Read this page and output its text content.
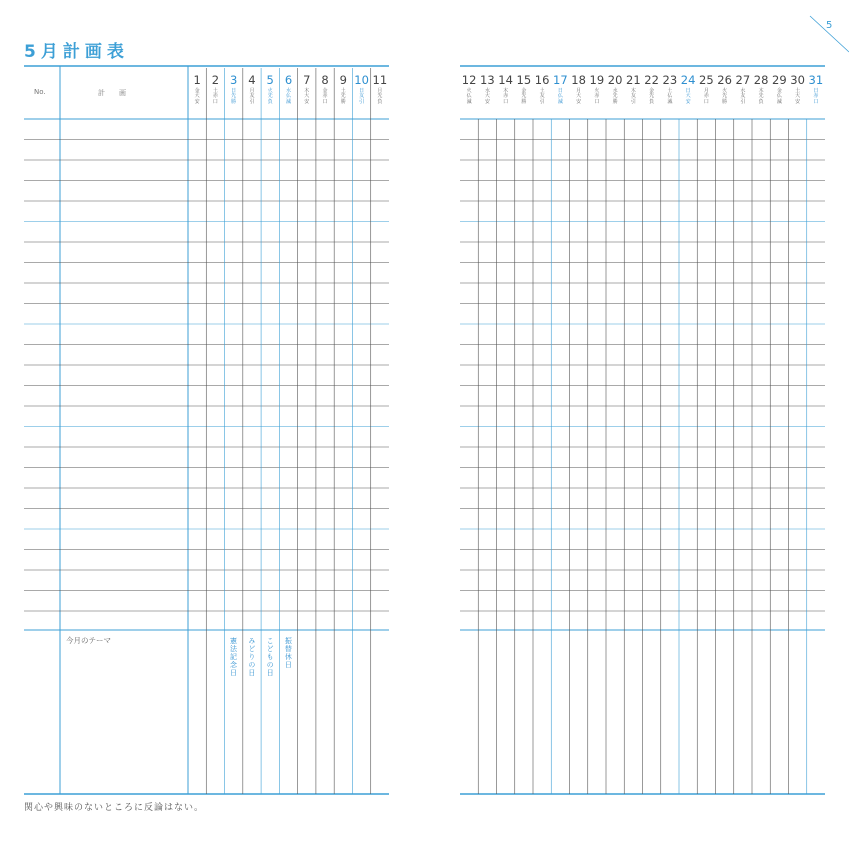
5月計画表
5
No.	計　　画
今月のテーマ
1
金
大
安
2
土
赤
口
3
日
先
勝
4
月
友
引
5
火
先
負
6
水
仏
滅
7
木
大
安
8
金
赤
口
9
土
先
勝
10
日
友
引
11
月
先
負
12
火
仏
滅
13
水
大
安
14
木
赤
口
15
金
先
勝
16
土
友
引
17
日
仏
滅
18
月
大
安
19
火
赤
口
20
水
先
勝
21
木
友
引
22
金
先
負
23
土
仏
滅
24
日
大
安
25
月
赤
口
26
火
先
勝
27
水
友
引
28
木
先
負
29
金
仏
滅
30
土
大
安
31
日
赤
口
憲法記念日 みどりの日 こどもの日 振替休日
関心や興味のないところに反論はない。
